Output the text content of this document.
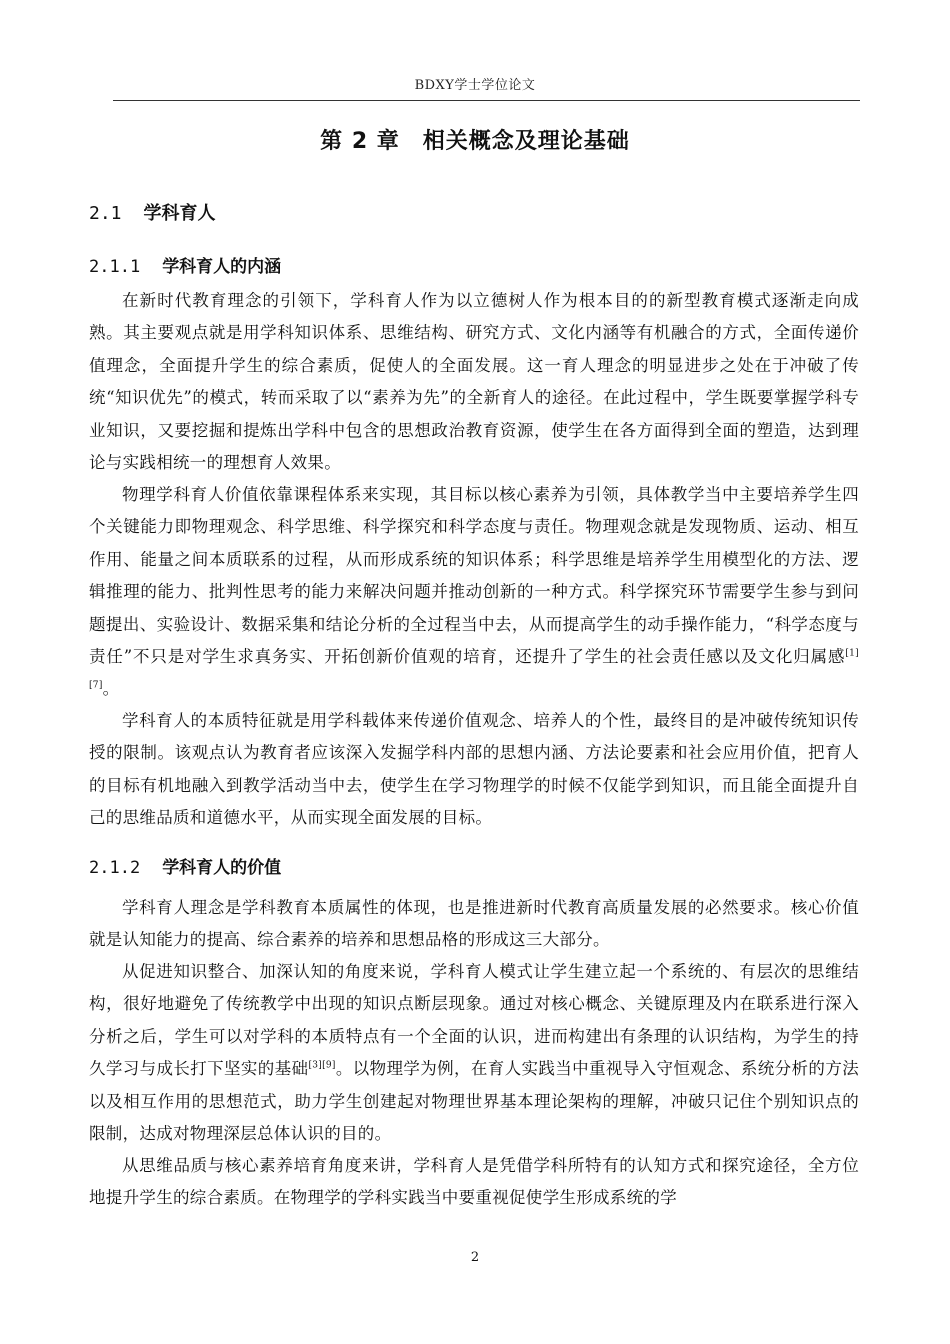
BDXY学士学位论文
第 2 章　相关概念及理论基础
2.1 学科育人
2.1.1 学科育人的内涵

在新时代教育理念的引领下，学科育人作为以立德树人作为根本目的的新型教育模式逐渐走向成熟。其主要观点就是用学科知识体系、思维结构、研究方式、文化内涵等有机融合的方式，全面传递价值理念，全面提升学生的综合素质，促使人的全面发展。这一育人理念的明显进步之处在于冲破了传统“知识优先”的模式，转而采取了以“素养为先”的全新育人的途径。在此过程中，学生既要掌握学科专业知识，又要挖掘和提炼出学科中包含的思想政治教育资源，使学生在各方面得到全面的塑造，达到理论与实践相统一的理想育人效果。

物理学科育人价值依靠课程体系来实现，其目标以核心素养为引领，具体教学当中主要培养学生四个关键能力即物理观念、科学思维、科学探究和科学态度与责任。物理观念就是发现物质、运动、相互作用、能量之间本质联系的过程，从而形成系统的知识体系；科学思维是培养学生用模型化的方法、逻辑推理的能力、批判性思考的能力来解决问题并推动创新的一种方式。科学探究环节需要学生参与到问题提出、实验设计、数据采集和结论分析的全过程当中去，从而提高学生的动手操作能力，“科学态度与责任”不只是对学生求真务实、开拓创新价值观的培育，还提升了学生的社会责任感以及文化归属感[1][7]。

学科育人的本质特征就是用学科载体来传递价值观念、培养人的个性，最终目的是冲破传统知识传授的限制。该观点认为教育者应该深入发掘学科内部的思想内涵、方法论要素和社会应用价值，把育人的目标有机地融入到教学活动当中去，使学生在学习物理学的时候不仅能学到知识，而且能全面提升自己的思维品质和道德水平，从而实现全面发展的目标。

2.1.2 学科育人的价值

学科育人理念是学科教育本质属性的体现，也是推进新时代教育高质量发展的必然要求。核心价值就是认知能力的提高、综合素养的培养和思想品格的形成这三大部分。

从促进知识整合、加深认知的角度来说，学科育人模式让学生建立起一个系统的、有层次的思维结构，很好地避免了传统教学中出现的知识点断层现象。通过对核心概念、关键原理及内在联系进行深入分析之后，学生可以对学科的本质特点有一个全面的认识，进而构建出有条理的认识结构，为学生的持久学习与成长打下坚实的基础[3][9]。以物理学为例，在育人实践当中重视导入守恒观念、系统分析的方法以及相互作用的思想范式，助力学生创建起对物理世界基本理论架构的理解，冲破只记住个别知识点的限制，达成对物理深层总体认识的目的。

从思维品质与核心素养培育角度来讲，学科育人是凭借学科所特有的认知方式和探究途径，全方位地提升学生的综合素质。在物理学的学科实践当中要重视促使学生形成系统的学

2
